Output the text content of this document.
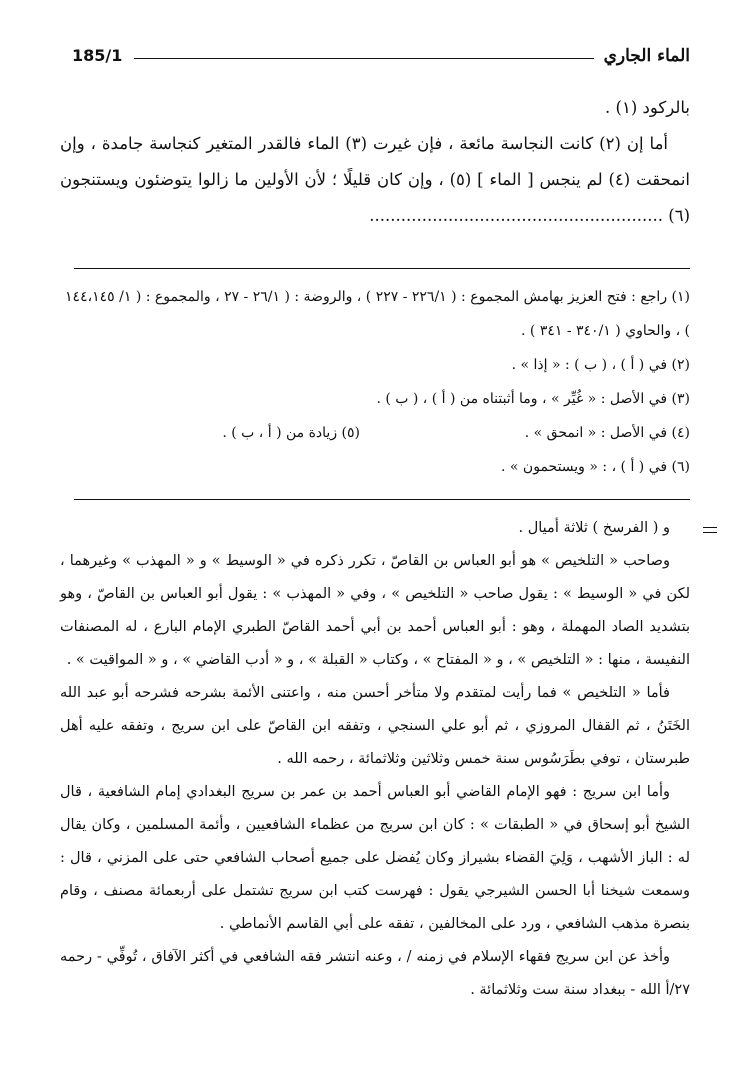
الماء الجاري
185/1

بالركود (١) .

أما إن (٢) كانت النجاسة مائعة ، فإن غيرت (٣) الماء فالقدر المتغير كنجاسة جامدة ، وإن انمحقت (٤) لم ينجس [ الماء ] (٥) ، وإن كان قليلًا ؛ لأن الأولين ما زالوا يتوضئون ويستنجون (٦) ........................................................

(١) راجع : فتح العزيز بهامش المجموع : ( ٢٢٦/١ - ٢٢٧ ) ، والروضة : ( ٢٦/١ - ٢٧ ، والمجموع : ( ١/ ١٤٤،١٤٥ ) ، والحاوي ( ٣٤٠/١ - ٣٤١ ) .

(٢) في ( أ ) ، ( ب ) : « إذا » .

(٣) في الأصل : « غُيِّر » ، وما أثبتناه من ( أ ) ، ( ب ) .

(٤) في الأصل : « انمحق » .
(٥) زيادة من ( أ ، ب ) .

(٦) في ( أ ) ، : « ويستحمون » .

و ( الفرسخ ) ثلاثة أميال .

وصاحب « التلخيص » هو أبو العباس بن القاصّ ، تكرر ذكره في « الوسيط » و « المهذب » وغيرهما ، لكن في « الوسيط » : يقول صاحب « التلخيص » ، وفي « المهذب » : يقول أبو العباس بن القاصّ ، وهو بتشديد الصاد المهملة ، وهو : أبو العباس أحمد بن أبي أحمد القاصّ الطبري الإمام البارع ، له المصنفات النفيسة ، منها : « التلخيص » ، و « المفتاح » ، وكتاب « القبلة » ، و « أدب القاضي » ، و « المواقيت » .

فأما « التلخيص » فما رأيت لمتقدم ولا متأخر أحسن منه ، واعتنى الأئمة بشرحه فشرحه أبو عبد الله الخَتَنُ ، ثم القفال المروزي ، ثم أبو علي السنجي ، وتفقه ابن القاصّ على ابن سريج ، وتفقه عليه أهل طبرستان ، توفي بطَرَسُوس سنة خمس وثلاثين وثلاثمائة ، رحمه الله .

وأما ابن سريج : فهو الإمام القاضي أبو العباس أحمد بن عمر بن سريج البغدادي إمام الشافعية ، قال الشيخ أبو إسحاق في « الطبقات » : كان ابن سريج من عظماء الشافعيين ، وأئمة المسلمين ، وكان يقال له : الباز الأشهب ، وَلِيَ القضاء بشيراز وكان يُفضل على جميع أصحاب الشافعي حتى على المزني ، قال : وسمعت شيخنا أبا الحسن الشيرجي يقول : فهرست كتب ابن سريج تشتمل على أربعمائة مصنف ، وقام بنصرة مذهب الشافعي ، ورد على المخالفين ، تفقه على أبي القاسم الأنماطي .

وأخذ عن ابن سريج فقهاء الإسلام في زمنه / ، وعنه انتشر فقه الشافعي في أكثر الآفاق ، تُوفِّي - رحمه ٢٧/أ الله - ببغداد سنة ست وثلاثمائة .
